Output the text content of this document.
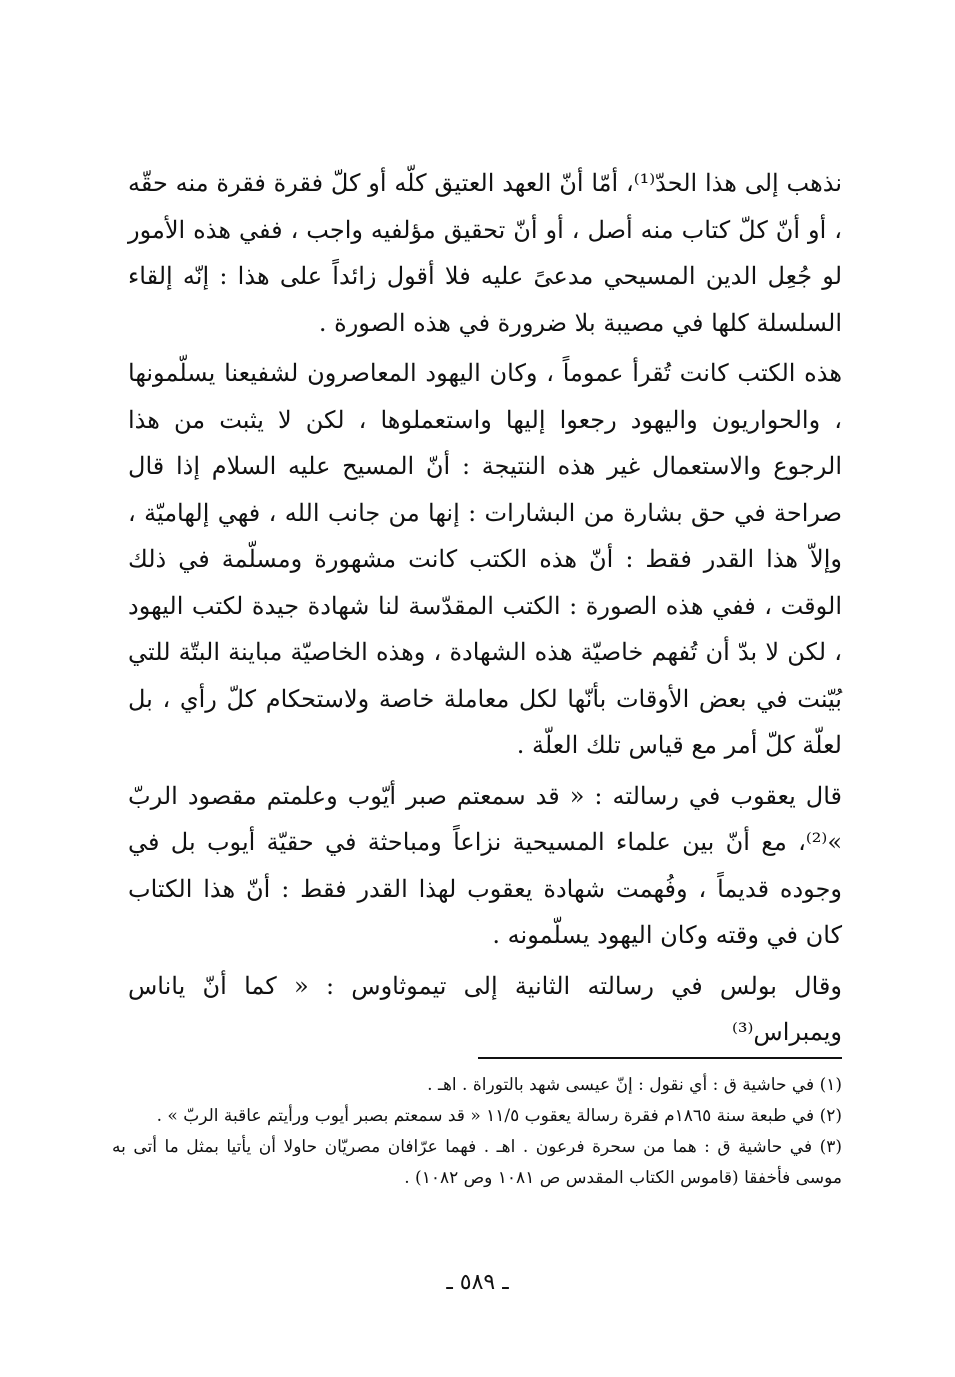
نذهب إلى هذا الحدّ⁽¹⁾، أمّا أنّ العهد العتيق كلّه أو كلّ فقرة فقرة منه حقّه ، أو أنّ كلّ كتاب منه أصل ، أو أنّ تحقيق مؤلفيه واجب ، ففي هذه الأمور لو جُعِل الدين المسيحي مدعىً عليه فلا أقول زائداً على هذا : إنّه إلقاء السلسلة كلها في مصيبة بلا ضرورة في هذه الصورة .

هذه الكتب كانت تُقرأ عموماً ، وكان اليهود المعاصرون لشفيعنا يسلّمونها ، والحواريون واليهود رجعوا إليها واستعملوها ، لكن لا يثبت من هذا الرجوع والاستعمال غير هذه النتيجة : أنّ المسيح عليه السلام إذا قال صراحة في حق بشارة من البشارات : إنها من جانب الله ، فهي إلهاميّة ، وإلاّ هذا القدر فقط : أنّ هذه الكتب كانت مشهورة ومسلّمة في ذلك الوقت ، ففي هذه الصورة : الكتب المقدّسة لنا شهادة جيدة لكتب اليهود ، لكن لا بدّ أن تُفهم خاصيّة هذه الشهادة ، وهذه الخاصيّة مباينة البتّة للتي بُيّنت في بعض الأوقات بأنّها لكل معاملة خاصة ولاستحكام كلّ رأي ، بل لعلّة كلّ أمر مع قياس تلك العلّة .

قال يعقوب في رسالته : « قد سمعتم صبر أيّوب وعلمتم مقصود الربّ »⁽²⁾، مع أنّ بين علماء المسيحية نزاعاً ومباحثة في حقيّة أيوب بل في وجوده قديماً ، وفُهمت شهادة يعقوب لهذا القدر فقط : أنّ هذا الكتاب كان في وقته وكان اليهود يسلّمونه .

وقال بولس في رسالته الثانية إلى تيموثاوس : « كما أنّ ياناس ويمبراس⁽³⁾

(١) في حاشية ق : أي نقول : إنّ عيسى شهد بالتوراة . اهـ .

(٢) في طبعة سنة ١٨٦٥م فقرة رسالة يعقوب ١١/٥ « قد سمعتم بصبر أيوب ورأيتم عاقبة الربّ » .

(٣) في حاشية ق : هما من سحرة فرعون . اهـ . فهما عرّافان مصريّان حاولا أن يأتيا بمثل ما أتى به موسى فأخفقا (قاموس الكتاب المقدس ص ١٠٨١ وص ١٠٨٢) .

ـ ٥٨٩ ـ
